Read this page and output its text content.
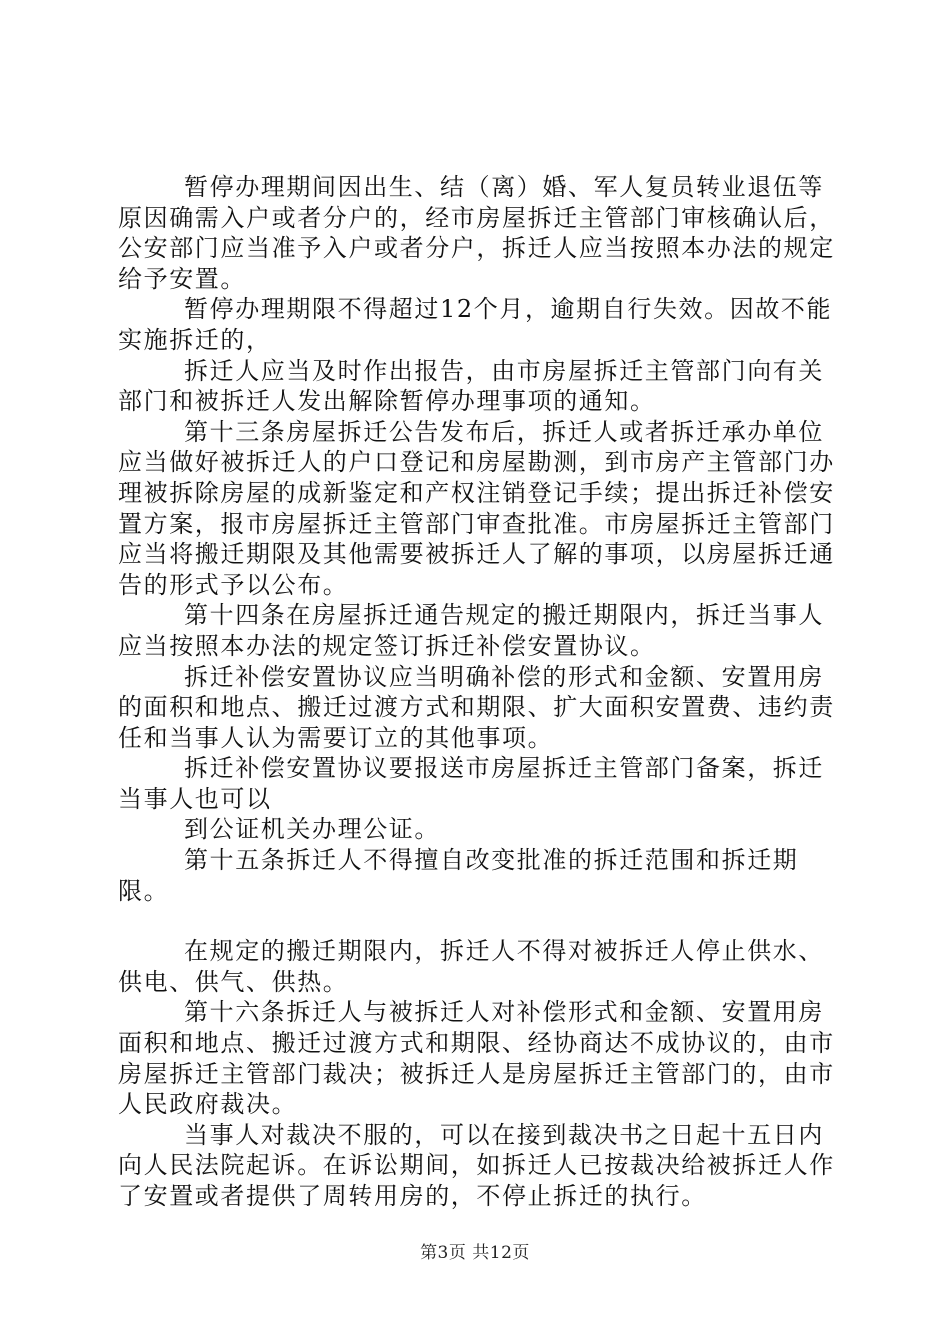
暂停办理期间因出生、结（离）婚、军人复员转业退伍等原因确需入户或者分户的，经市房屋拆迁主管部门审核确认后，公安部门应当准予入户或者分户，拆迁人应当按照本办法的规定给予安置。

暂停办理期限不得超过12个月，逾期自行失效。因故不能实施拆迁的，

拆迁人应当及时作出报告，由市房屋拆迁主管部门向有关部门和被拆迁人发出解除暂停办理事项的通知。

第十三条房屋拆迁公告发布后，拆迁人或者拆迁承办单位应当做好被拆迁人的户口登记和房屋勘测，到市房产主管部门办理被拆除房屋的成新鉴定和产权注销登记手续；提出拆迁补偿安置方案，报市房屋拆迁主管部门审查批准。市房屋拆迁主管部门应当将搬迁期限及其他需要被拆迁人了解的事项，以房屋拆迁通告的形式予以公布。

第十四条在房屋拆迁通告规定的搬迁期限内，拆迁当事人应当按照本办法的规定签订拆迁补偿安置协议。

拆迁补偿安置协议应当明确补偿的形式和金额、安置用房的面积和地点、搬迁过渡方式和期限、扩大面积安置费、违约责任和当事人认为需要订立的其他事项。

拆迁补偿安置协议要报送市房屋拆迁主管部门备案，拆迁当事人也可以

到公证机关办理公证。

第十五条拆迁人不得擅自改变批准的拆迁范围和拆迁期限。

在规定的搬迁期限内，拆迁人不得对被拆迁人停止供水、供电、供气、供热。

第十六条拆迁人与被拆迁人对补偿形式和金额、安置用房面积和地点、搬迁过渡方式和期限、经协商达不成协议的，由市房屋拆迁主管部门裁决；被拆迁人是房屋拆迁主管部门的，由市人民政府裁决。

当事人对裁决不服的，可以在接到裁决书之日起十五日内向人民法院起诉。在诉讼期间，如拆迁人已按裁决给被拆迁人作了安置或者提供了周转用房的，不停止拆迁的执行。

第3页 共12页
